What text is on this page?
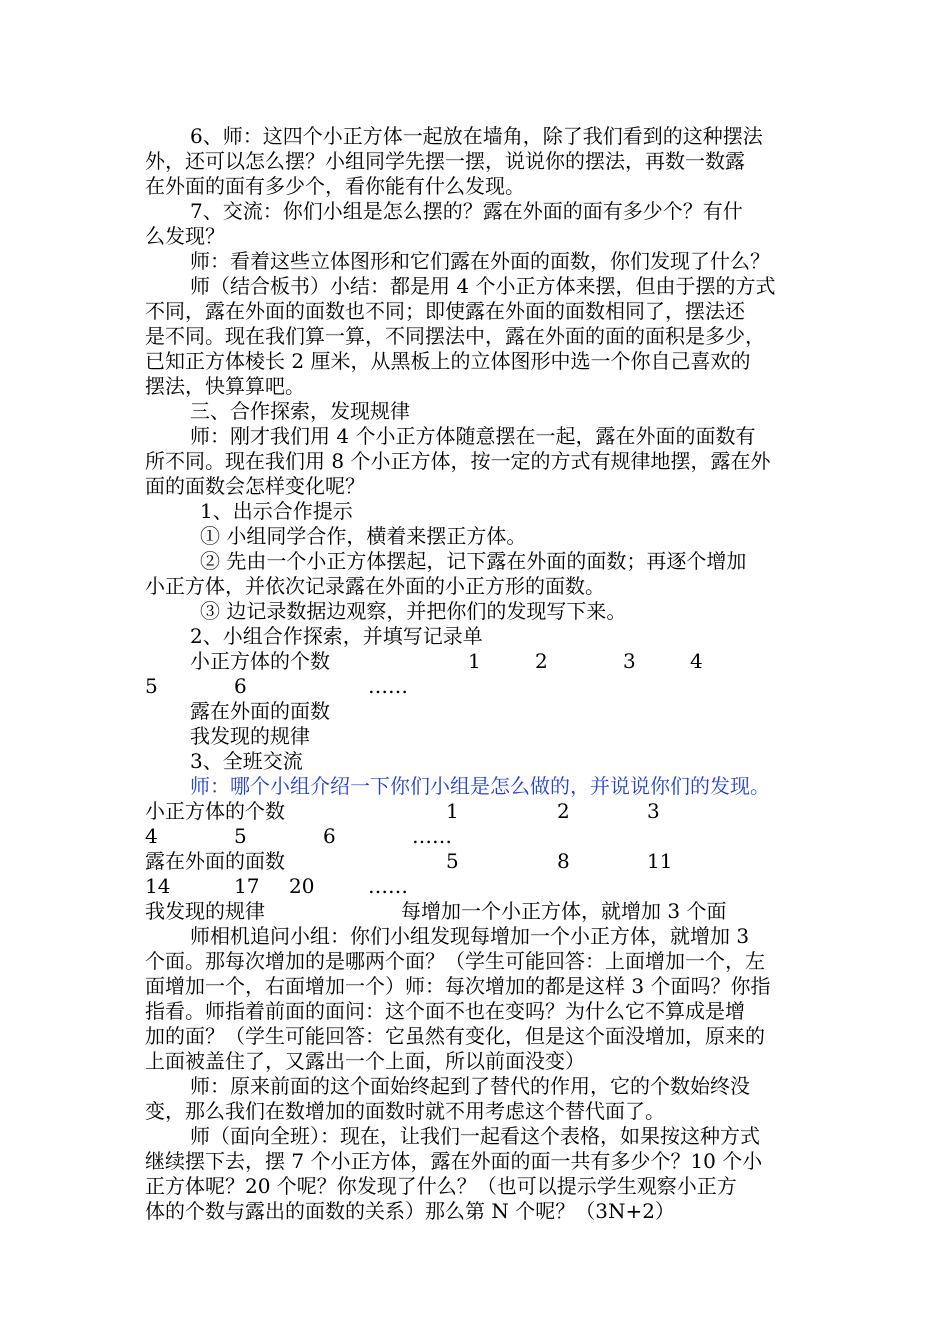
6、师：这四个小正方体一起放在墙角，除了我们看到的这种摆法
外，还可以怎么摆？小组同学先摆一摆，说说你的摆法，再数一数露
在外面的面有多少个，看你能有什么发现。
7、交流：你们小组是怎么摆的？露在外面的面有多少个？有什
么发现？
师：看着这些立体图形和它们露在外面的面数，你们发现了什么？
师（结合板书）小结：都是用 4 个小正方体来摆，但由于摆的方式
不同，露在外面的面数也不同；即使露在外面的面数相同了，摆法还
是不同。现在我们算一算，不同摆法中，露在外面的面的面积是多少，
已知正方体棱长 2 厘米，从黑板上的立体图形中选一个你自己喜欢的
摆法，快算算吧。
三、合作探索，发现规律
师：刚才我们用 4 个小正方体随意摆在一起，露在外面的面数有
所不同。现在我们用 8 个小正方体，按一定的方式有规律地摆，露在外
面的面数会怎样变化呢？
1、出示合作提示
① 小组同学合作，横着来摆正方体。
② 先由一个小正方体摆起，记下露在外面的面数；再逐个增加
小正方体，并依次记录露在外面的小正方形的面数。
③ 边记录数据边观察，并把你们的发现写下来。
2、小组合作探索，并填写记录单
小正方体的个数	1	2	3	4
5	6	……
露在外面的面数
我发现的规律
3、全班交流
师：哪个小组介绍一下你们小组是怎么做的，并说说你们的发现。
小正方体的个数	1	2	3
4	5	6	……
露在外面的面数	5	8	11
14	17 20	……
我发现的规律	每增加一个小正方体，就增加 3 个面
师相机追问小组：你们小组发现每增加一个小正方体，就增加 3
个面。那每次增加的是哪两个面？（学生可能回答：上面增加一个，左
面增加一个，右面增加一个）师：每次增加的都是这样 3 个面吗？你指
指看。师指着前面的面问：这个面不也在变吗？为什么它不算成是增
加的面？（学生可能回答：它虽然有变化，但是这个面没增加，原来的
上面被盖住了，又露出一个上面，所以前面没变）
师：原来前面的这个面始终起到了替代的作用，它的个数始终没
变，那么我们在数增加的面数时就不用考虑这个替代面了。
师（面向全班）：现在，让我们一起看这个表格，如果按这种方式
继续摆下去，摆 7 个小正方体，露在外面的面一共有多少个？10 个小
正方体呢？20 个呢？你发现了什么？（也可以提示学生观察小正方
体的个数与露出的面数的关系）那么第 N 个呢？（3N+2）
